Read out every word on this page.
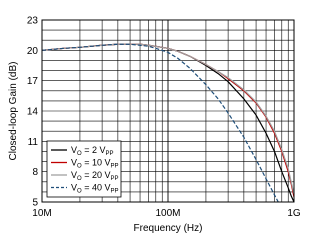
5
8
11
14
17
20
23
10M	100M	1G
Frequency (Hz)
Closed-loop Gain (dB)	$V_O = 2$ $V_{PP}$
$V_O = 10$ $V_{PP}$
$V_O = 20$ $V_{PP}$
$V_O = 40$ $V_{PP}$
